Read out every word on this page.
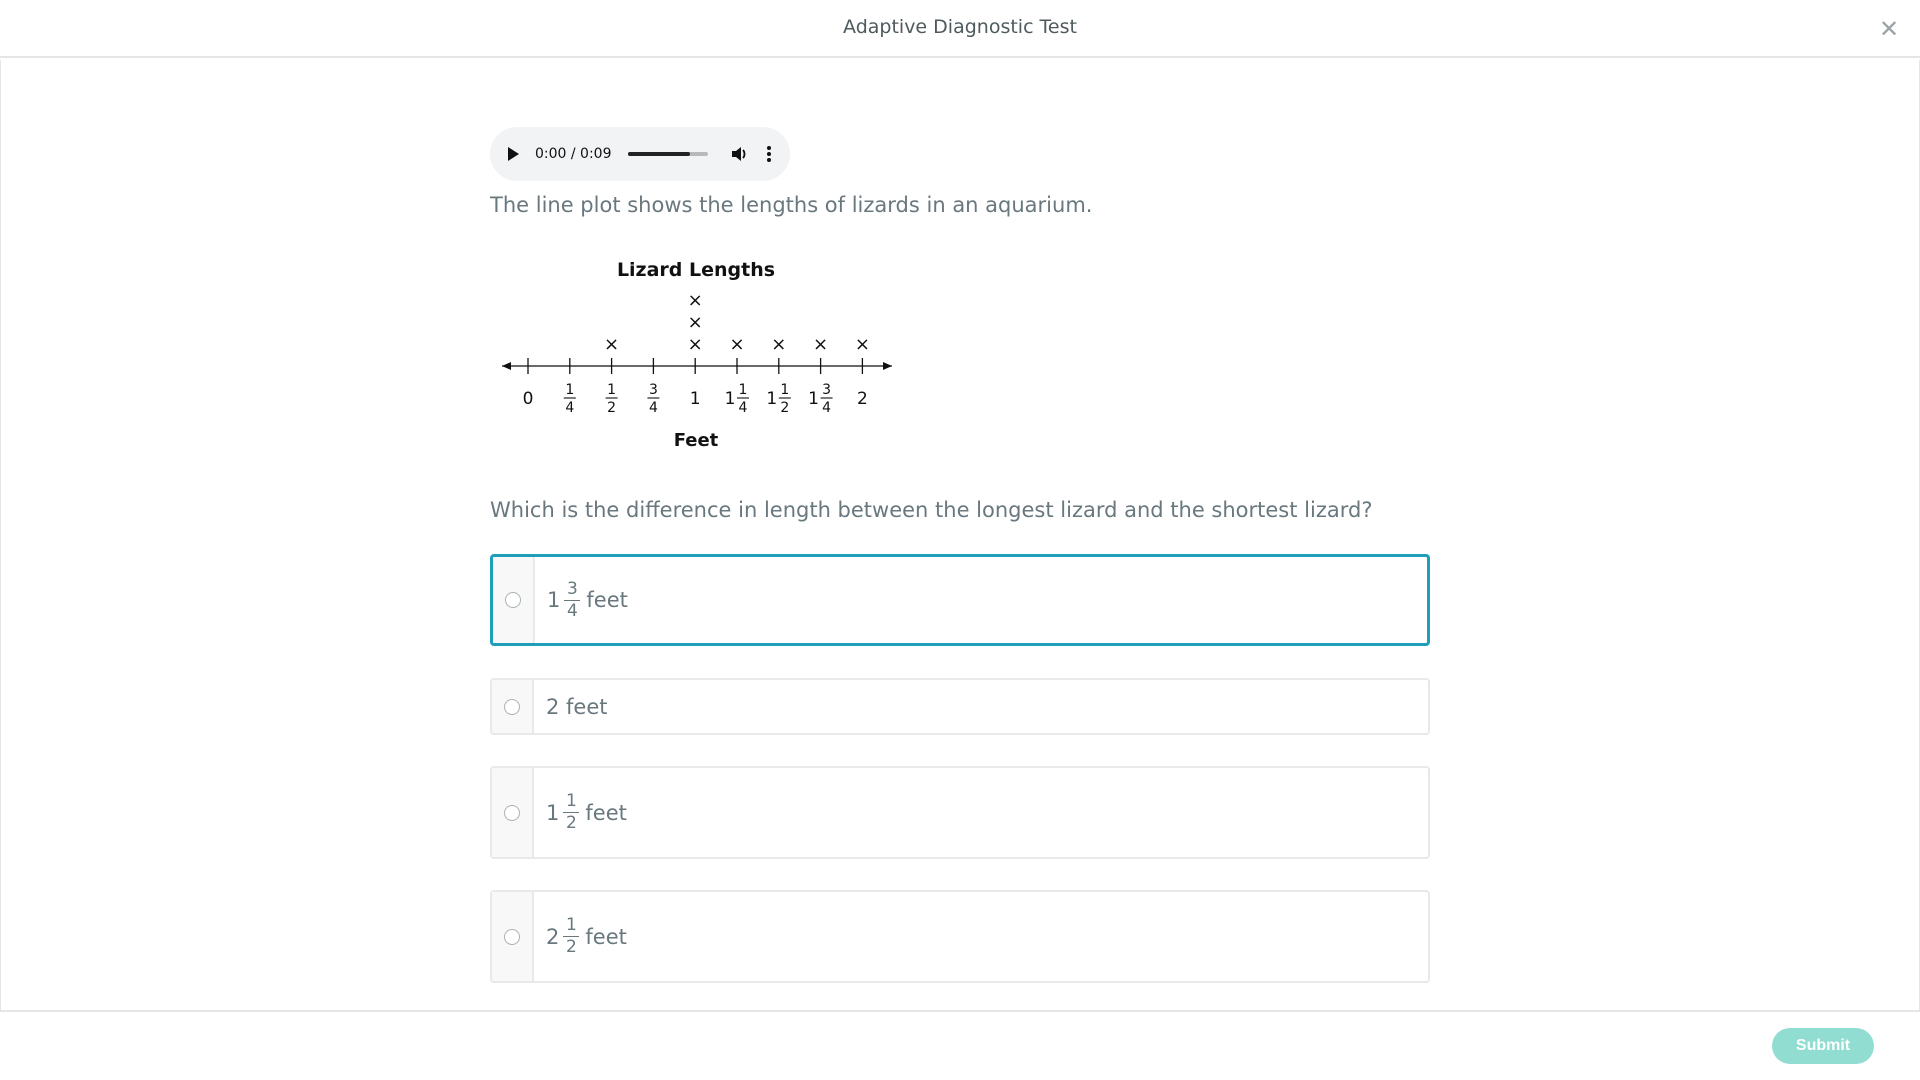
Adaptive Diagnostic Test	✕
0:00 / 0:09
The line plot shows the lengths of lizards in an aquarium.
Lizard Lengths
0 1
4
1
2
3
4 1 1 1
4 1 1
2 1 3
4 2
×	×
×
×
× × × ×
Feet
Which is the difference in length between the longest lizard and the shortest lizard?
$1 \frac{3}{4}$ feet
2 feet
$1 \frac{1}{2}$ feet
$2 \frac{1}{2}$ feet
Submit
